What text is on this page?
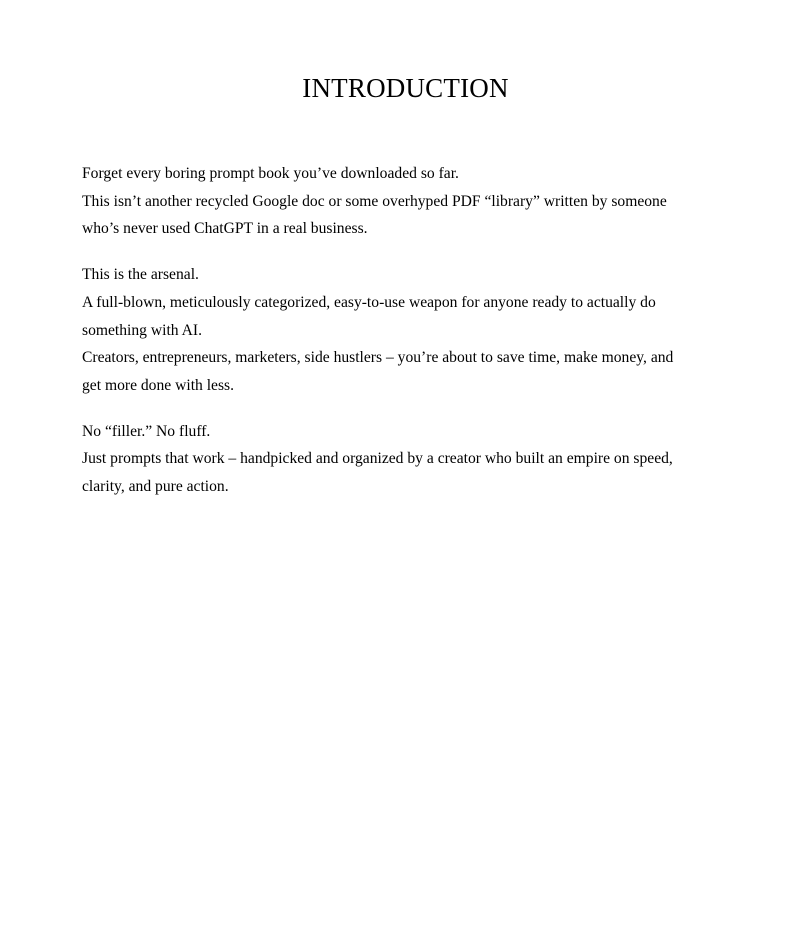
INTRODUCTION

Forget every boring prompt book you’ve downloaded so far.
This isn’t another recycled Google doc or some overhyped PDF “library” written by someone
who’s never used ChatGPT in a real business.

This is the arsenal.
A full-blown, meticulously categorized, easy-to-use weapon for anyone ready to actually do
something with AI.
Creators, entrepreneurs, marketers, side hustlers – you’re about to save time, make money, and
get more done with less.

No “filler.” No fluff.
Just prompts that work – handpicked and organized by a creator who built an empire on speed,
clarity, and pure action.
